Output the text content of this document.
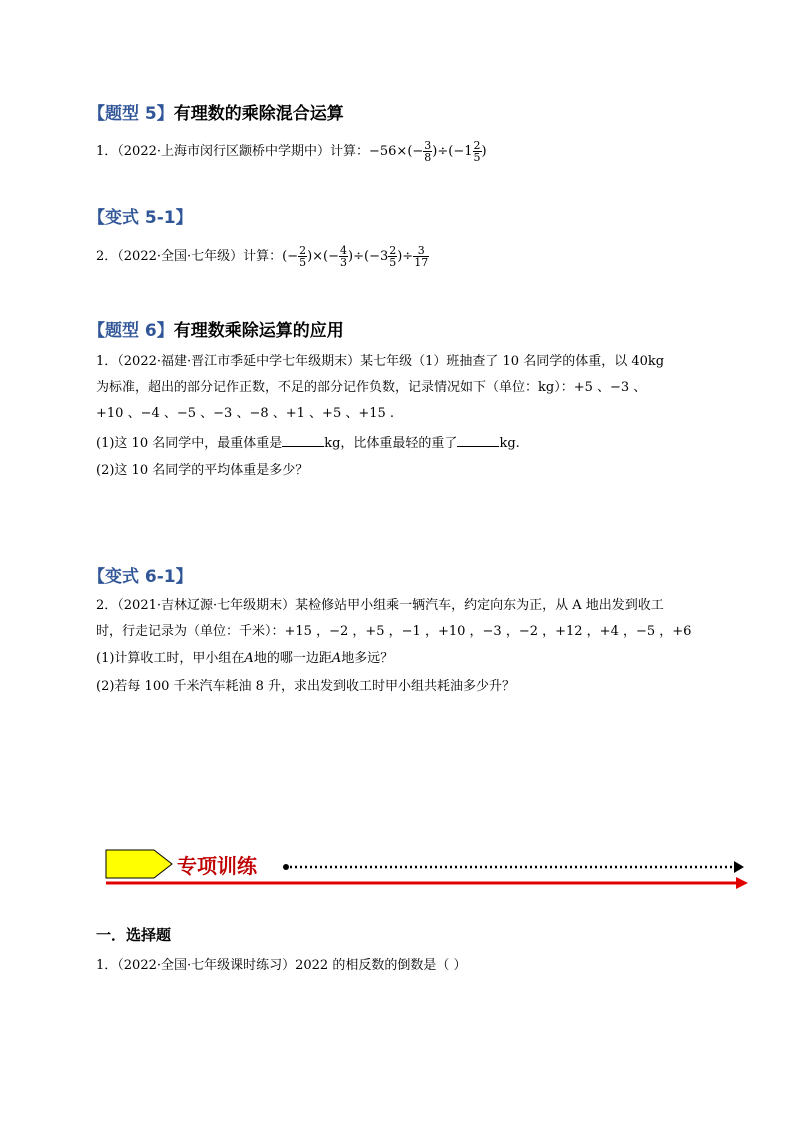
【题型 5】有理数的乘除混合运算
1．（2022·上海市闵行区颛桥中学期中）计算：$-56\times(- \frac{3}{8} )\div(-1 \frac{2}{5}$ )
【变式 5-1】
2．（2022·全国·七年级）计算：(− $\frac{2}{5}$ )×(− $\frac{4}{3} )\div(-3 \frac{2}{5}$ )÷ $\frac{3}{17}$
【题型 6】有理数乘除运算的应用
1．（2022·福建·晋江市季延中学七年级期末）某七年级（1）班抽查了 10 名同学的体重，以 40kg
为标准，超出的部分记作正数，不足的部分记作负数，记录情况如下（单位：kg）：+5 、−3 、
+10 、−4 、−5 、−3 、−8 、+1 、+5 、+15 .
(1)这 10 名同学中，最重体重是	kg，比体重最轻的重了	kg.
(2)这 10 名同学的平均体重是多少？
【变式 6-1】
2．（2021·吉林辽源·七年级期末）某检修站甲小组乘一辆汽车，约定向东为正，从 A 地出发到收工
时，行走记录为（单位：千米）：+15 ，−2 ，+5 ，−1 ，+10 ，−3 ，−2 ，+12 ，+4 ，−5 ，+6
(1)计算收工时，甲小组在A地的哪一边距A地多远？
(2)若每 100 千米汽车耗油 8 升，求出发到收工时甲小组共耗油多少升？
专项训练
一．选择题
1．（2022·全国·七年级课时练习）2022 的相反数的倒数是（ ）
